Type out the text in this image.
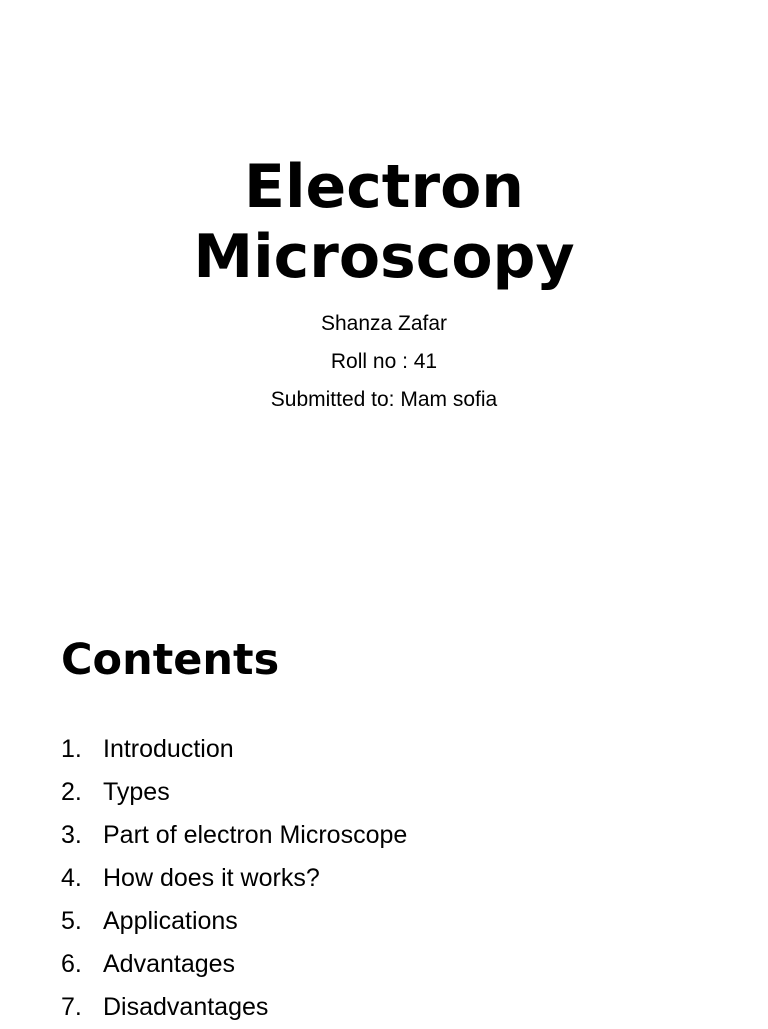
Electron
Microscopy
Shanza Zafar
Roll no : 41
Submitted to: Mam sofia
Contents
1. Introduction
2. Types
3. Part of electron Microscope
4. How does it works?
5. Applications
6. Advantages
7. Disadvantages
